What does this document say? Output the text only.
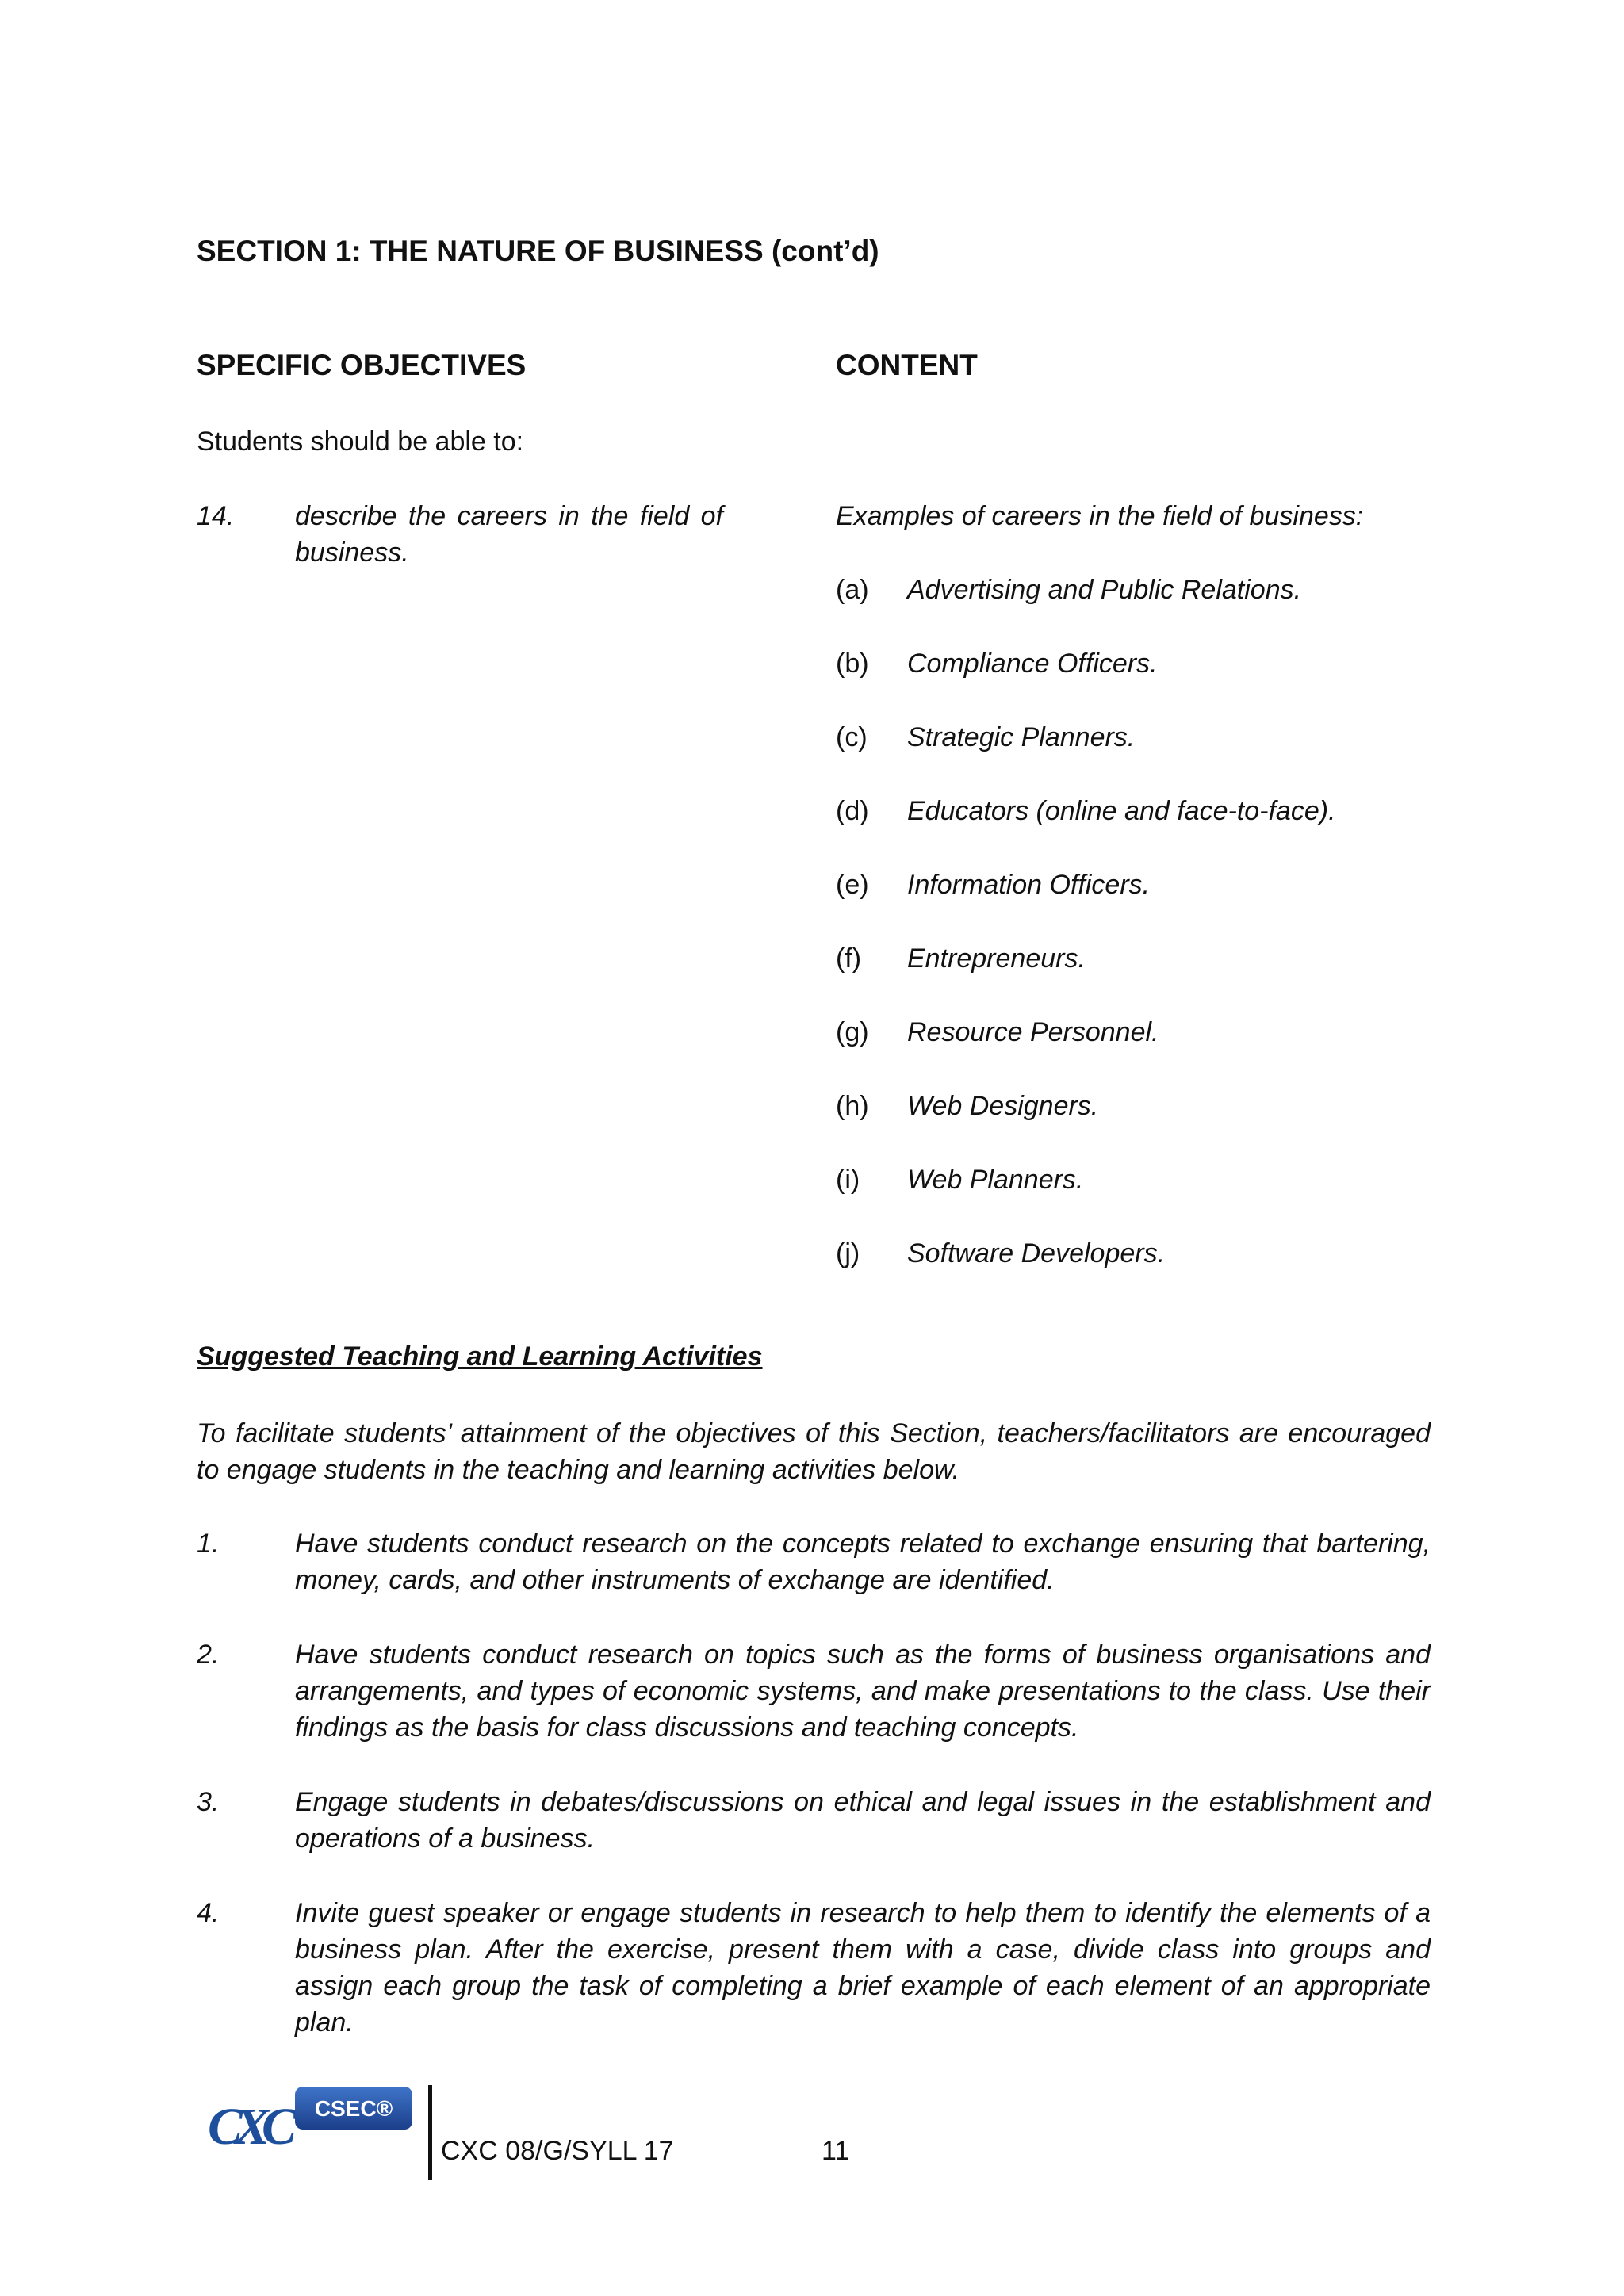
SECTION 1: THE NATURE OF BUSINESS (cont’d)
SPECIFIC OBJECTIVES	CONTENT
Students should be able to:
14. describe the careers in the field of business.
Examples of careers in the field of business:
(a) Advertising and Public Relations.
(b) Compliance Officers.
(c) Strategic Planners.
(d) Educators (online and face-to-face).
(e) Information Officers.
(f) Entrepreneurs.
(g) Resource Personnel.
(h) Web Designers.
(i) Web Planners.
(j) Software Developers.
Suggested Teaching and Learning Activities
To facilitate students’ attainment of the objectives of this Section, teachers/facilitators are encouraged to engage students in the teaching and learning activities below.
1.	Have students conduct research on the concepts related to exchange ensuring that bartering, money, cards, and other instruments of exchange are identified.
2.	Have students conduct research on topics such as the forms of business organisations and arrangements, and types of economic systems, and make presentations to the class. Use their findings as the basis for class discussions and teaching concepts.
3.	Engage students in debates/discussions on ethical and legal issues in the establishment and operations of a business.
4.	Invite guest speaker or engage students in research to help them to identify the elements of a business plan. After the exercise, present them with a case, divide class into groups and assign each group the task of completing a brief example of each element of an appropriate plan.
CXC	CSEC®
CXC 08/G/SYLL 17	11
